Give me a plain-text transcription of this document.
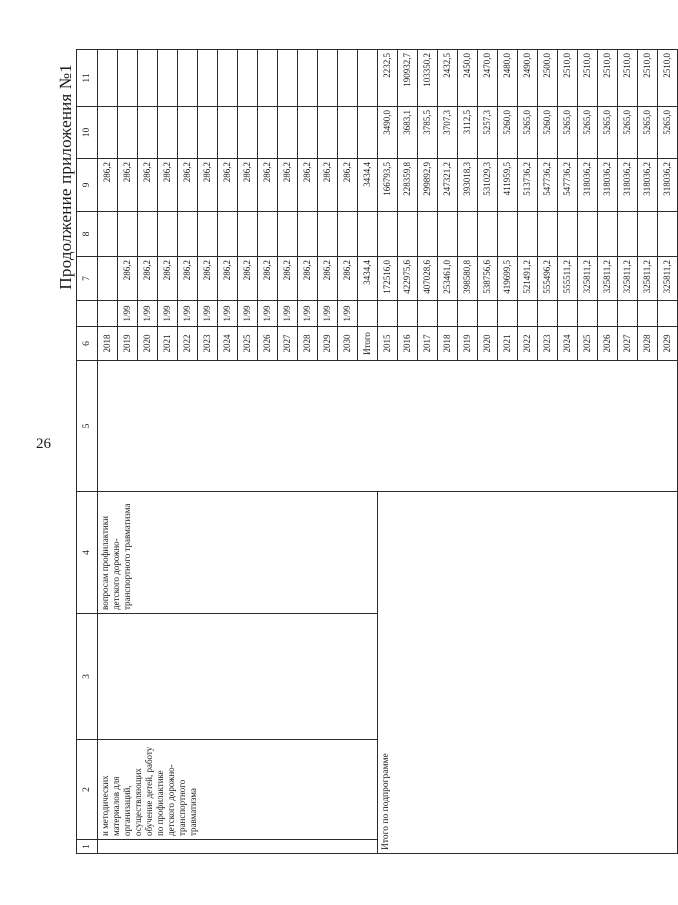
26
Продолжение приложения №1
1	2	3	4	5	6		7	8	9	10	11
	и методических материалов для организаций, осуществляющих обучение детей, работу по профилактике детского дорожно-транспортного травматизма		вопросам профилактики детского дорожно-транспортного травматизма		2018				286,2		
					2019	1/99	286,2		286,2		
					2020	1/99	286,2		286,2		
					2021	1/99	286,2		286,2		
					2022	1/99	286,2		286,2		
					2023	1/99	286,2		286,2		
					2024	1/99	286,2		286,2		
					2025	1/99	286,2		286,2		
					2026	1/99	286,2		286,2		
					2027	1/99	286,2		286,2		
					2028	1/99	286,2		286,2		
					2029	1/99	286,2		286,2		
					2030	1/99	286,2		286,2		
					Итого		3434,4		3434,4		
Итого по подпрограмме					2015		172516,0		166793,5	3490,0	2232,5
					2016		422975,6		228359,8	3683,1	190932,7
					2017		407028,6		299892,9	3785,5	103350,2
					2018		253461,0		247321,2	3707,3	2432,5
					2019		398580,8		393018,3	3112,5	2450,0
					2020		538756,6		531029,3	5257,3	2470,0
					2021		419699,5		411959,5	5260,0	2480,0
					2022		521491,2		513736,2	5265,0	2490,0
					2023		555496,2		547736,2	5260,0	2500,0
					2024		555511,2		547736,2	5265,0	2510,0
					2025		325811,2		318036,2	5265,0	2510,0
					2026		325811,2		318036,2	5265,0	2510,0
					2027		325811,2		318036,2	5265,0	2510,0
					2028		325811,2		318036,2	5265,0	2510,0
					2029		325811,2		318036,2	5265,0	2510,0
